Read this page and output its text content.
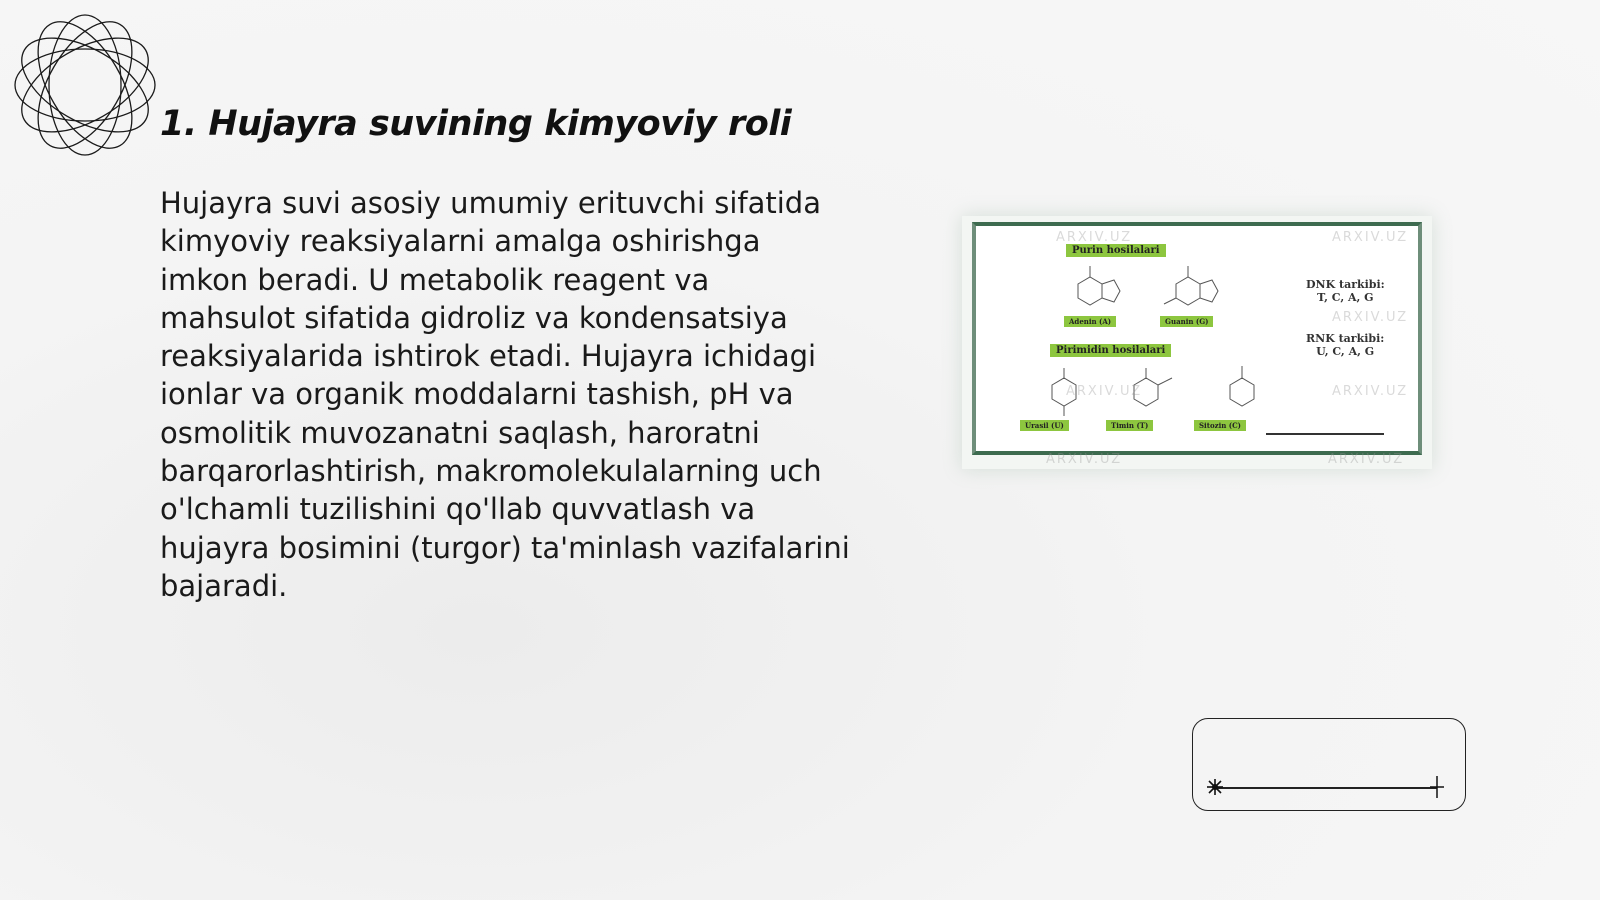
1. Hujayra suvining kimyoviy roli

Hujayra suvi asosiy umumiy erituvchi sifatida kimyoviy reaksiyalarni amalga oshirishga imkon beradi. U metabolik reagent va mahsulot sifatida gidroliz va kondensatsiya reaksiyalarida ishtirok etadi. Hujayra ichidagi ionlar va organik moddalarni tashish, pH va osmolitik muvozanatni saqlash, haroratni barqarorlashtirish, makromolekulalarning uch o'lchamli tuzilishini qo'llab quvvatlash va hujayra bosimini (turgor) ta'minlash vazifalarini bajaradi.

Purin hosilalari
Adenin (A)	Guanin (G)
Pirimidin hosilalari
Urasil (U)	Timin (T)	Sitozin (C)
DNK tarkibi:
T, C, A, G
RNK tarkibi:
U, C, A, G
ARXIV.UZ	ARXIV.UZ
ARXIV.UZ
ARXIV.UZ
ARXIV.UZ
ARXIV.UZ	ARXIV.UZ
